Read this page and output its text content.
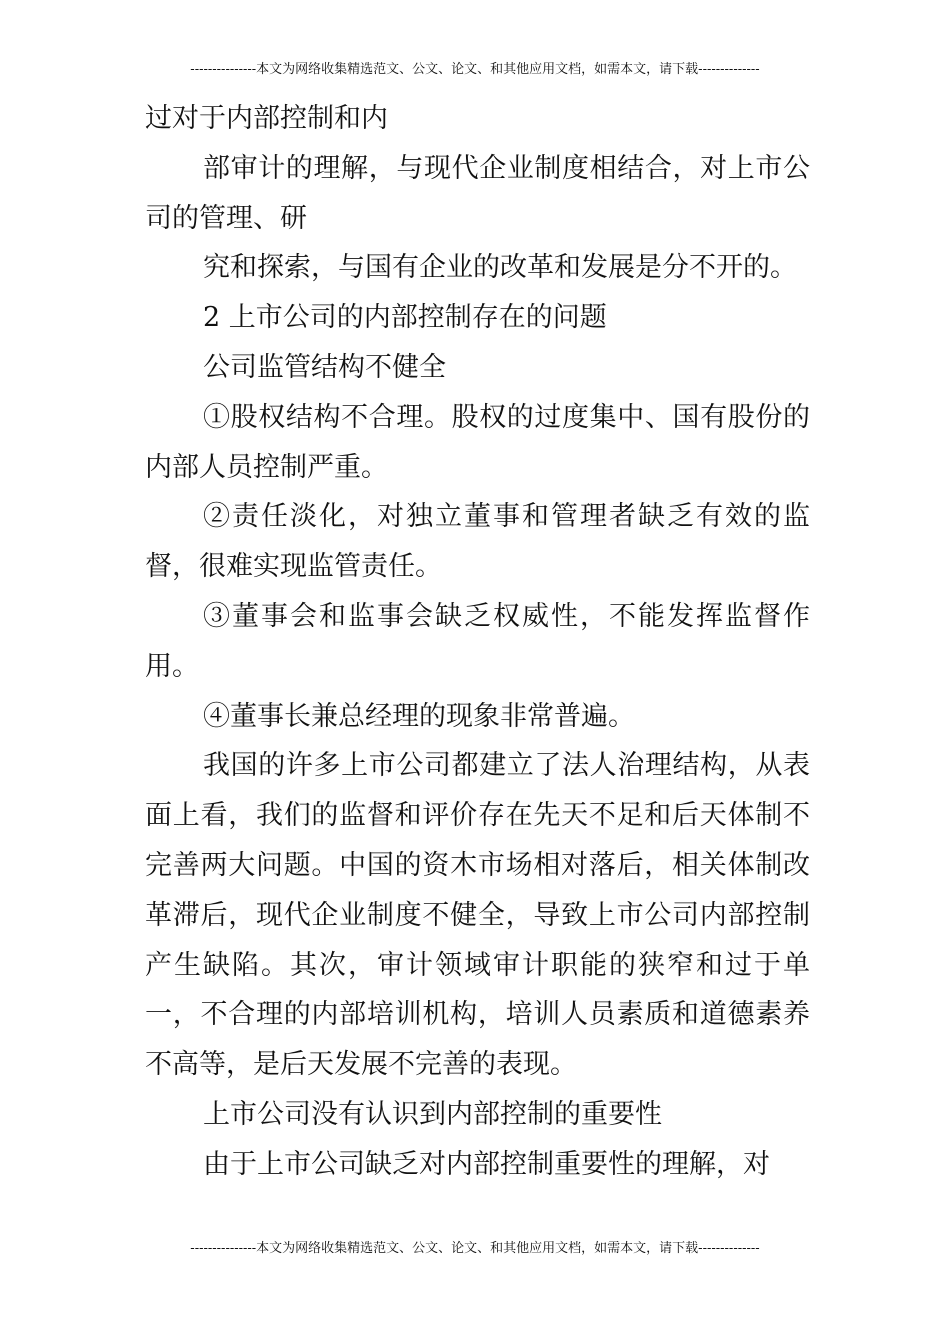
---------------本文为网络收集精选范文、公文、论文、和其他应用文档，如需本文，请下载--------------

过对于内部控制和内

部审计的理解，与现代企业制度相结合，对上市公司的管理、研

究和探索，与国有企业的改革和发展是分不开的。

2 上市公司的内部控制存在的问题

公司监管结构不健全

①股权结构不合理。股权的过度集中、国有股份的内部人员控制严重。

②责任淡化，对独立董事和管理者缺乏有效的监督，很难实现监管责任。

③董事会和监事会缺乏权威性，不能发挥监督作用。

④董事长兼总经理的现象非常普遍。

我国的许多上市公司都建立了法人治理结构，从表面上看，我们的监督和评价存在先天不足和后天体制不完善两大问题。中国的资木市场相对落后，相关体制改革滞后，现代企业制度不健全，导致上市公司内部控制产生缺陷。其次，审计领域审计职能的狭窄和过于单一，不合理的内部培训机构，培训人员素质和道德素养不高等，是后天发展不完善的表现。

上市公司没有认识到内部控制的重要性

由于上市公司缺乏对内部控制重要性的理解，对

---------------本文为网络收集精选范文、公文、论文、和其他应用文档，如需本文，请下载--------------
